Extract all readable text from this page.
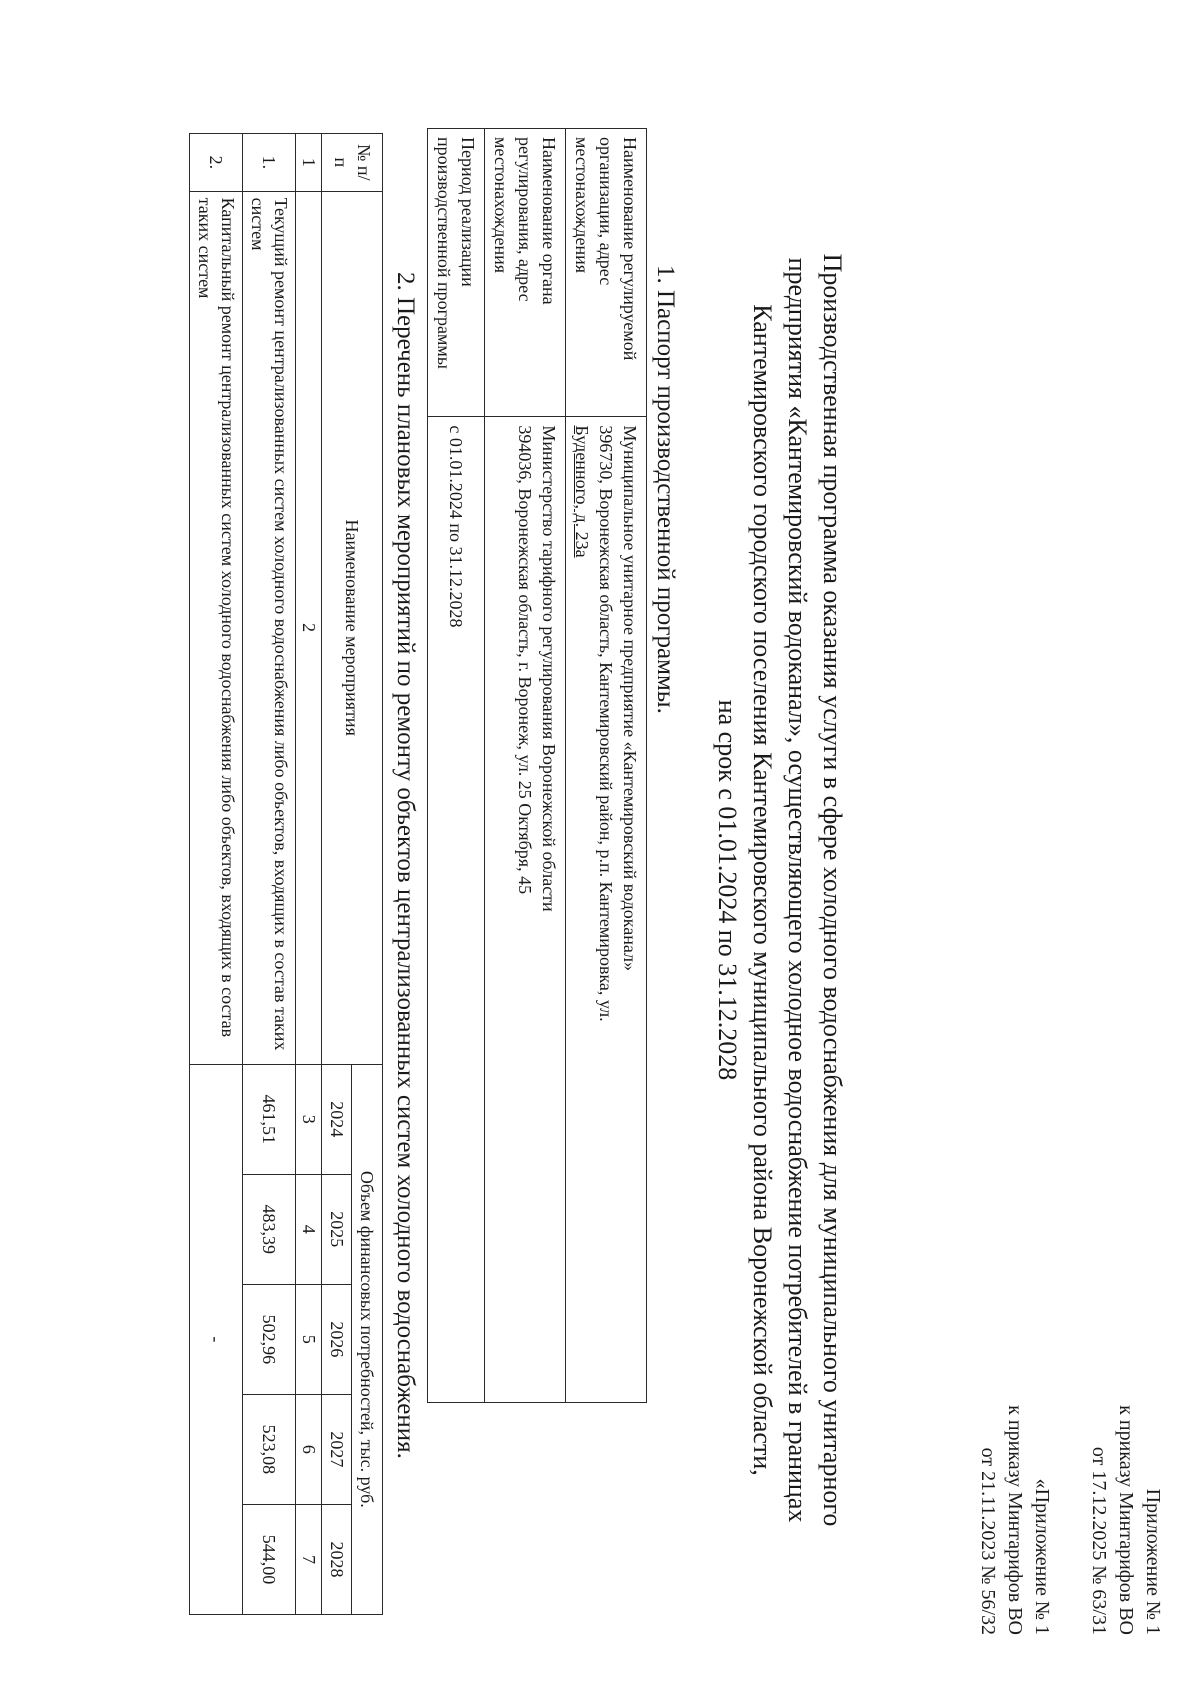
Приложение № 1
к приказу Минтарифов ВО
от 17.12.2025 № 63/31
«Приложение № 1
к приказу Минтарифов ВО
от 21.11.2023 № 56/32
Производственная программа оказания услуги в сфере холодного водоснабжения для муниципального унитарного
предприятия «Кантемировский водоканал», осуществляющего холодное водоснабжение потребителей в границах
Кантемировского городского поселения Кантемировского муниципального района Воронежской области,
на срок с 01.01.2024 по 31.12.2028
1. Паспорт производственной программы.
Наименование регулируемой организации, адрес местонахождения	Муниципальное унитарное предприятие «Кантемировский водоканал»
396730, Воронежская область, Кантемировский район, р.п. Кантемировка, ул.
Буденного, д. 23а

Наименование органа регулирования, адрес местонахождения	Министерство тарифного регулирования Воронежской области
394036, Воронежская область, г. Воронеж, ул. 25 Октября, 45

Период реализации производственной программы	с 01.01.2024 по 31.12.2028
2. Перечень плановых мероприятий по ремонту объектов централизованных систем холодного водоснабжения.
№ п/п	Наименование мероприятия	Объем финансовых потребностей, тыс. руб.				
		2024	2025	2026	2027	2028
1	2	3	4	5	6	7
1.	Текущий ремонт централизованных систем холодного водоснабжения либо объектов, входящих в состав таких систем	461,51	483,39	502,96	523,08	544,00
2.	Капитальный ремонт централизованных систем холодного водоснабжения либо объектов, входящих в состав таких систем	-				
